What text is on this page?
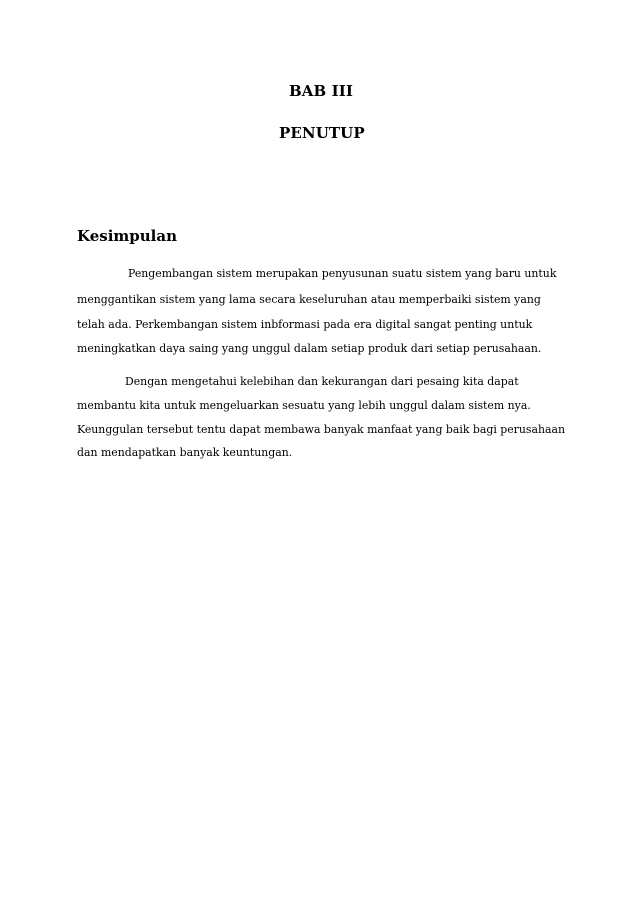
BAB III
PENUTUP
Kesimpulan
Pengembangan sistem merupakan penyusunan suatu sistem yang baru untuk
menggantikan sistem yang lama secara keseluruhan atau memperbaiki sistem yang
telah ada. Perkembangan sistem inbformasi pada era digital sangat penting untuk
meningkatkan daya saing yang unggul dalam setiap produk dari setiap perusahaan.
Dengan mengetahui kelebihan dan kekurangan dari pesaing kita dapat
membantu kita untuk mengeluarkan sesuatu yang lebih unggul dalam sistem nya.
Keunggulan tersebut tentu dapat membawa banyak manfaat yang baik bagi perusahaan
dan mendapatkan banyak keuntungan.
